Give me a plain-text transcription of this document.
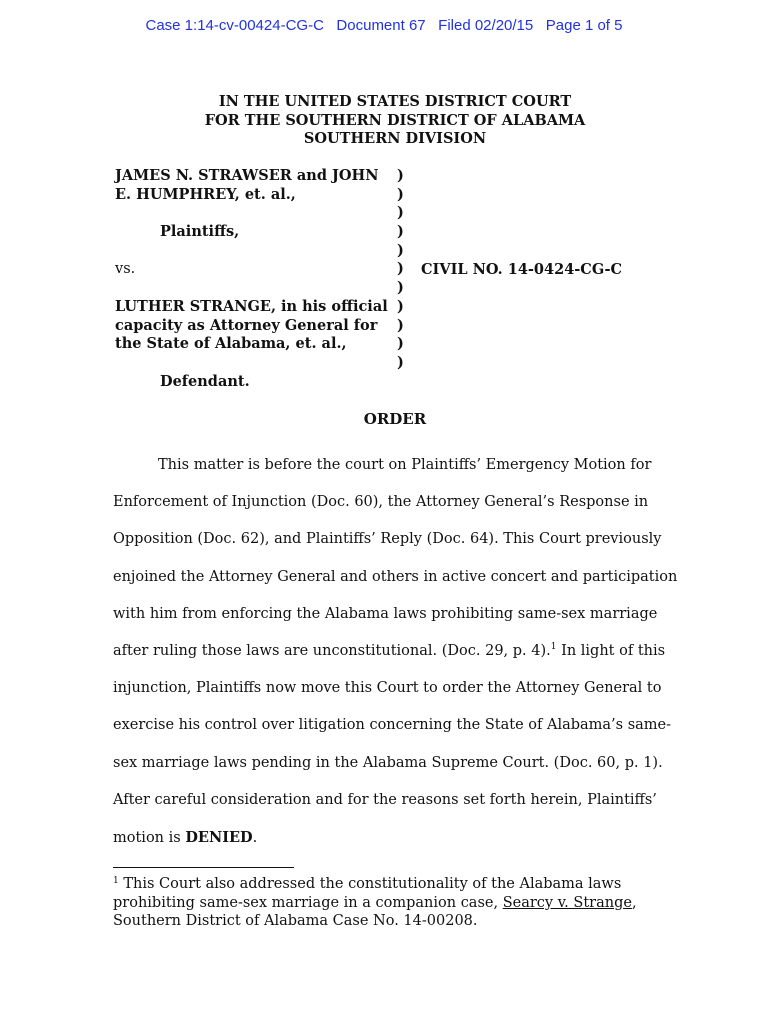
Case 1:14-cv-00424-CG-C Document 67 Filed 02/20/15 Page 1 of 5
IN THE UNITED STATES DISTRICT COURT
FOR THE SOUTHERN DISTRICT OF ALABAMA
SOUTHERN DIVISION
JAMES N. STRAWSER and JOHN
E. HUMPHREY, et. al.,
Plaintiffs,
vs.
LUTHER STRANGE, in his official
capacity as Attorney General for
the State of Alabama, et. al.,
Defendant.
)
)
)
)
)
)
)
)
)
)
)
CIVIL NO. 14-0424-CG-C
ORDER
This matter is before the court on Plaintiffs’ Emergency Motion for
Enforcement of Injunction (Doc. 60), the Attorney General’s Response in
Opposition (Doc. 62), and Plaintiffs’ Reply (Doc. 64). This Court previously
enjoined the Attorney General and others in active concert and participation
with him from enforcing the Alabama laws prohibiting same-sex marriage
after ruling those laws are unconstitutional. (Doc. 29, p. 4).$^1$ In light of this
injunction, Plaintiffs now move this Court to order the Attorney General to
exercise his control over litigation concerning the State of Alabama’s same-
sex marriage laws pending in the Alabama Supreme Court. (Doc. 60, p. 1).
After careful consideration and for the reasons set forth herein, Plaintiffs’
motion is DENIED.
$^1$ This Court also addressed the constitutionality of the Alabama laws
prohibiting same-sex marriage in a companion case, Searcy v. Strange,
Southern District of Alabama Case No. 14-00208.
